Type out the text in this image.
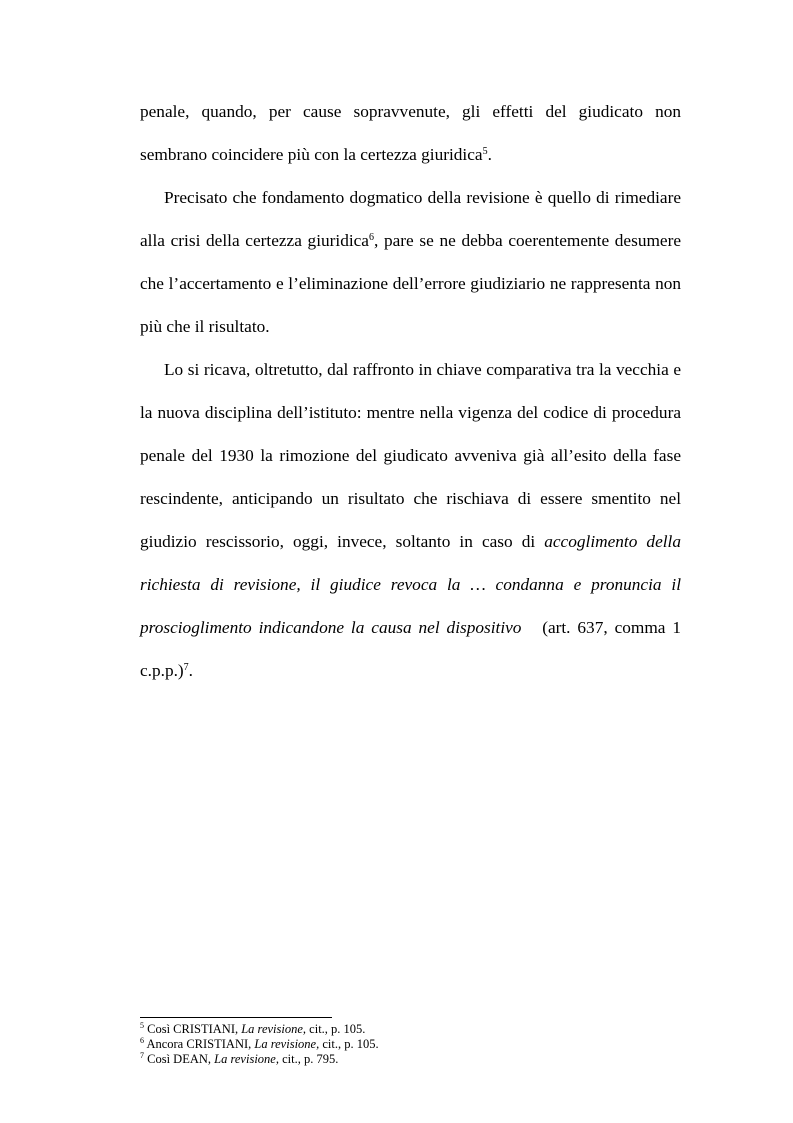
penale, quando, per cause sopravvenute, gli effetti del giudicato non sembrano coincidere più con la certezza giuridica$^5$.

Precisato che fondamento dogmatico della revisione è quello di rimediare alla crisi della certezza giuridica$^6$, pare se ne debba coerentemente desumere che l’accertamento e l’eliminazione dell’errore giudiziario ne rappresenta non più che il risultato.

Lo si ricava, oltretutto, dal raffronto in chiave comparativa tra la vecchia e la nuova disciplina dell’istituto: mentre nella vigenza del codice di procedura penale del 1930 la rimozione del giudicato avveniva già all’esito della fase rescindente, anticipando un risultato che rischiava di essere smentito nel giudizio rescissorio, oggi, invece, soltanto in caso di accoglimento della richiesta di revisione, il giudice revoca la … condanna e pronuncia il proscioglimento indicandone la causa nel dispositivo (art. 637, comma 1 c.p.p.)$^7$.

$^5$ Così CRISTIANI, La revisione, cit., p. 105.

$^6$ Ancora CRISTIANI, La revisione, cit., p. 105.

$^7$ Così DEAN, La revisione, cit., p. 795.
